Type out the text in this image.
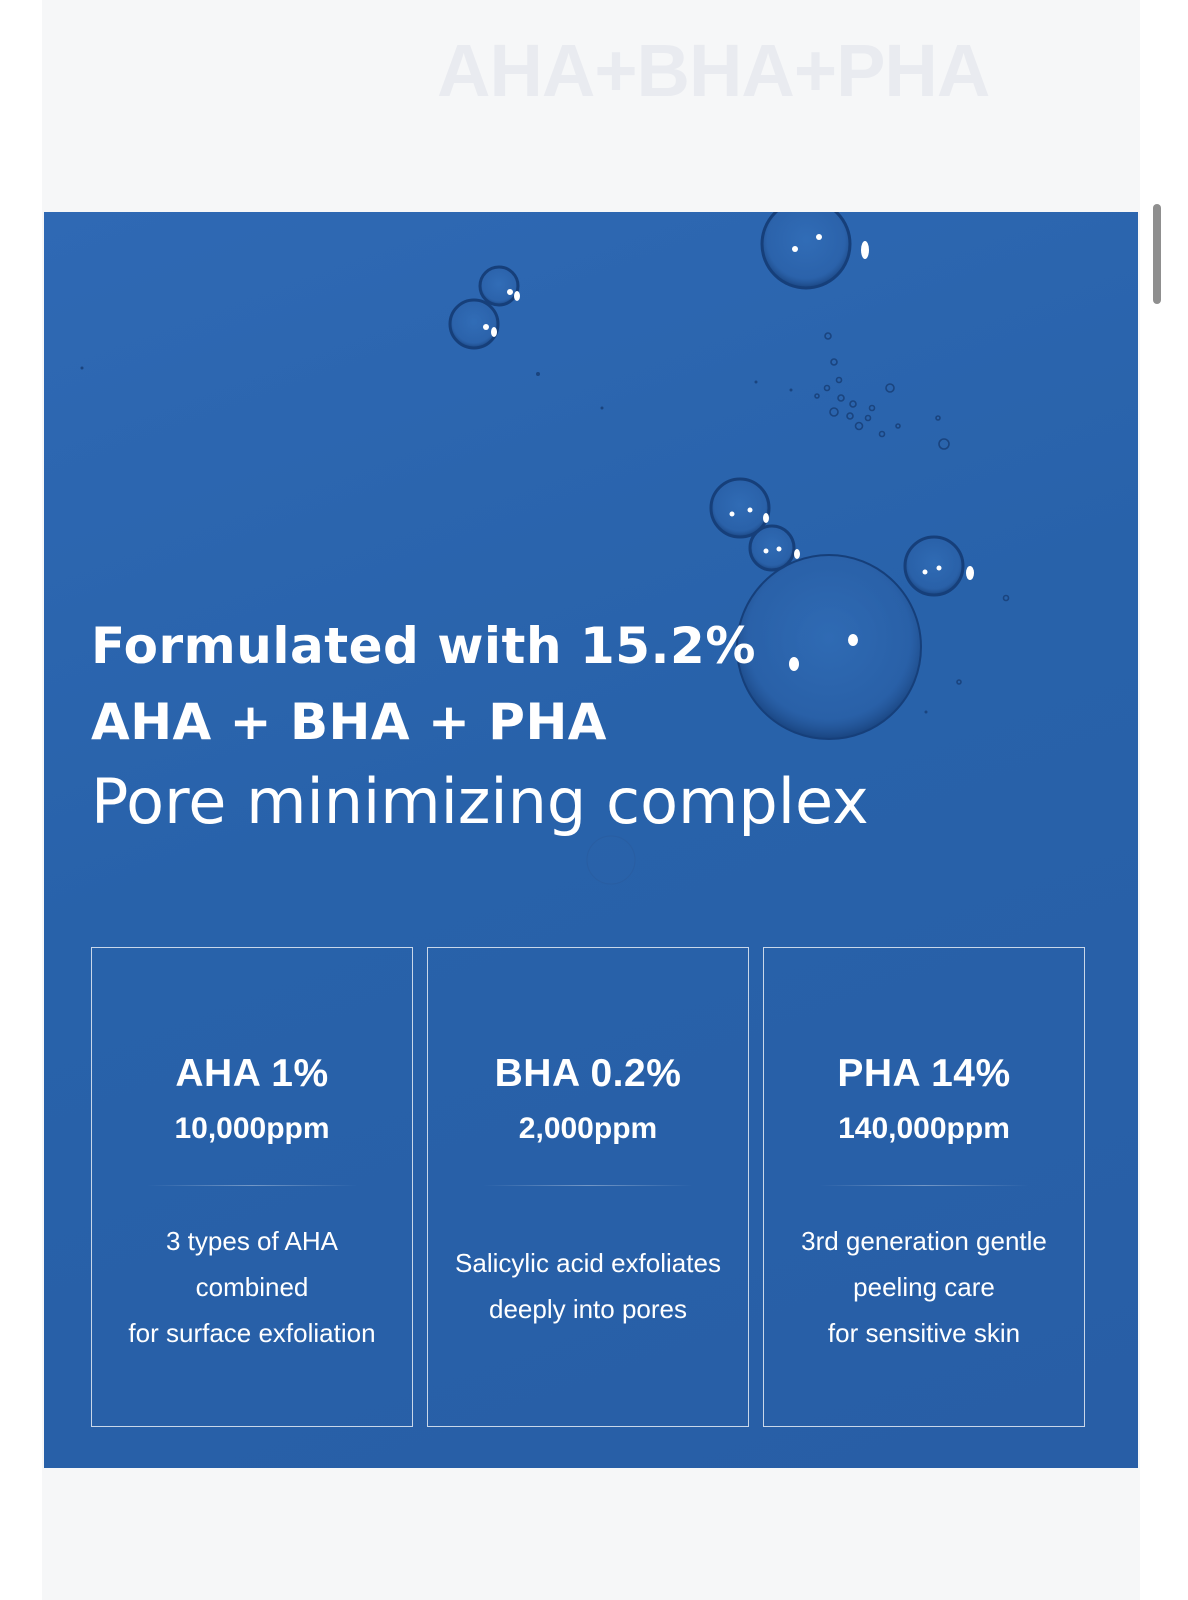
AHA+BHA+PHA
Formulated with 15.2%
AHA + BHA + PHA
Pore minimizing complex
AHA 1%
10,000ppm
3 types of AHA
combined
for surface exfoliation
BHA 0.2%
2,000ppm
Salicylic acid exfoliates
deeply into pores
PHA 14%
140,000ppm
3rd generation gentle
peeling care
for sensitive skin
